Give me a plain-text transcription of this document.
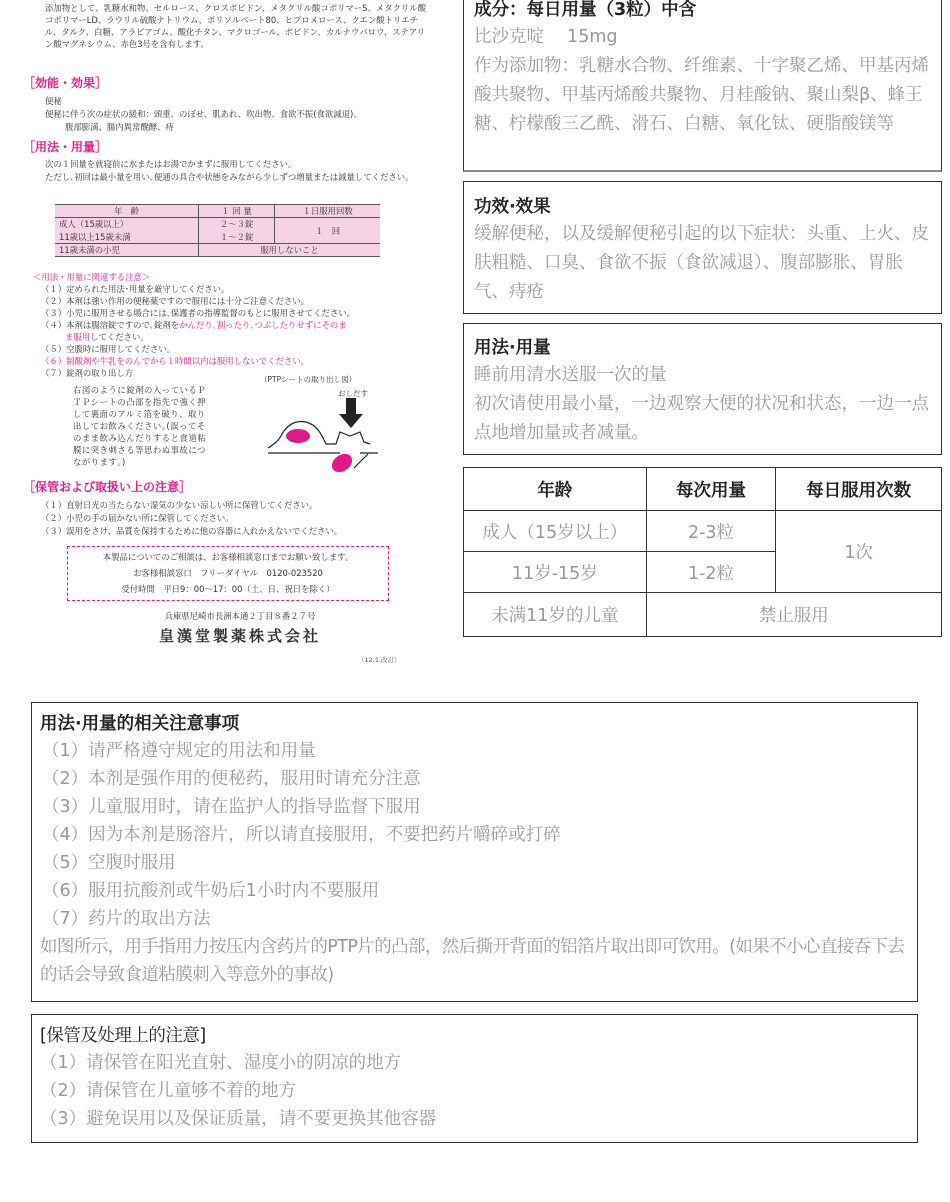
添加物として、乳糖水和物、セルロース、クロスポビドン、メタクリル酸コポリマーS、メタクリル酸コポリマーLD、ラウリル硫酸ナトリウム、ポリソルベート80、ヒプロメロース、クエン酸トリエチル、タルク、白糖、アラビアゴム、酸化チタン、マクロゴール、ポビドン、カルナウバロウ、ステアリン酸マグネシウム、赤色3号を含有します。
［効能・効果］
便秘
便秘に伴う次の症状の緩和：頭重、のぼせ、肌あれ、吹出物、食欲不振(食欲減退)、
腹部膨満、腸内異常醗酵、痔
［用法・用量］
次の１回量を就寝前に水またはお湯でかまずに服用してください。
ただし､初回は最小量を用い､便通の具合や状態をみながら少しずつ増量または減量してください。
年　齢	１ 回 量	１日服用回数
成人（15歳以上）	２～３錠	１　回
11歳以上15歳未満	１～２錠	
11歳未満の小児	服用しないこと	
＜用法・用量に関連する注意＞
（１）定められた用法･用量を厳守してください。
（２）本剤は強い作用の便秘薬ですので服用には十分ご注意ください。
（３）小児に服用させる場合には､保護者の指導監督のもとに服用させてください。
（４）本剤は腸溶錠ですので､錠剤をかんだり､割ったり､つぶしたりせずにそのま
ま服用してください。
（５）空腹時に服用してください。
（６）制酸剤や牛乳をのんでから１時間以内は服用しないでください。
（７）錠剤の取り出し方
右図のように錠剤の入っているＰＴＰシートの凸部を指先で強く押して裏面のアルミ箔を破り、取り出してお飲みください｡(誤ってそのまま飲み込んだりすると食道粘膜に突き刺さる等思わぬ事故につながります｡)
（PTPシートの取り出し図）
おしだす
［保管および取扱い上の注意］
（１）直射日光の当たらない湿気の少ない涼しい所に保管してください。
（２）小児の手の届かない所に保管してください。
（３）誤用をさけ、品質を保持するために他の容器に入れかえないでください。
本製品についてのご相談は、お客様相談窓口までお願い致します。
お客様相談窓口　フリーダイヤル　0120-023520
受付時間　平日9：00～17：00（土、日、祝日を除く）
兵庫県尼崎市長洲本通２丁目８番２７号
皇漢堂製薬株式会社
（12.1.改訂）
成分：每日用量（3粒）中含
比沙克啶　 15mg
作为添加物：乳糖水合物、纤维素、十字聚乙烯、甲基丙烯酸共聚物、甲基丙烯酸共聚物、月桂酸钠、聚山梨β、蜂王糖、柠檬酸三乙酰、滑石、白糖、氧化钛、硬脂酸镁等
功效·效果
缓解便秘，以及缓解便秘引起的以下症状：头重、上火、皮肤粗糙、口臭、食欲不振（食欲减退）、腹部膨胀、胃胀气、痔疮
用法·用量
睡前用清水送服一次的量
初次请使用最小量，一边观察大便的状况和状态，一边一点点地增加量或者减量。
年龄	每次用量	每日服用次数
成人（15岁以上）	2-3粒	1次
11岁-15岁	1-2粒	
未满11岁的儿童	禁止服用	
用法·用量的相关注意事项
（1）请严格遵守规定的用法和用量
（2）本剂是强作用的便秘药，服用时请充分注意
（3）儿童服用时，请在监护人的指导监督下服用
（4）因为本剂是肠溶片，所以请直接服用，不要把药片嚼碎或打碎
（5）空腹时服用
（6）服用抗酸剂或牛奶后1小时内不要服用
（7）药片的取出方法
如图所示，用手指用力按压内含药片的PTP片的凸部，然后撕开背面的铝箔片取出即可饮用。(如果不小心直接吞下去的话会导致食道粘膜刺入等意外的事故)
[保管及处理上的注意]
（1）请保管在阳光直射、湿度小的阴凉的地方
（2）请保管在儿童够不着的地方
（3）避免误用以及保证质量，请不要更换其他容器
